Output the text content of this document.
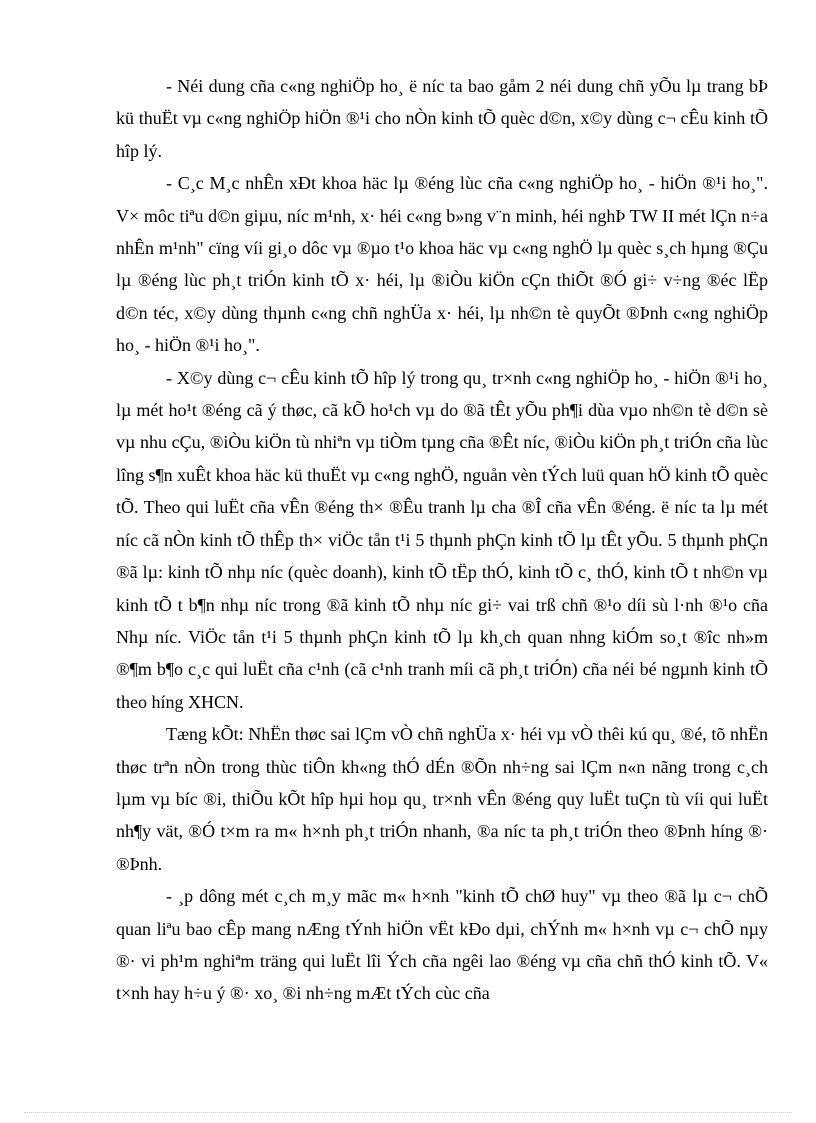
- Néi dung cña c«ng nghiÖp ho¸ ë níc ta bao gåm 2 néi dung chñ yÕu lµ trang bÞ kü thuËt vµ c«ng nghiÖp hiÖn ®¹i cho nÒn kinh tÕ quèc d©n, x©y dùng c¬ cÊu kinh tÕ hîp lý.

- C¸c M¸c nhÊn xÐt khoa häc lµ ®éng lùc cña c«ng nghiÖp ho¸ - hiÖn ®¹i ho¸". V× môc tiªu d©n giµu, níc m¹nh, x· héi c«ng b»ng v¨n minh, héi nghÞ TW II mét lÇn n÷a nhÊn m¹nh" cïng víi gi¸o dôc vµ ®µo t¹o khoa häc vµ c«ng nghÖ lµ quèc s¸ch hµng ®Çu lµ ®éng lùc ph¸t triÓn kinh tÕ x· héi, lµ ®iÒu kiÖn cÇn thiÕt ®Ó gi÷ v÷ng ®éc lËp d©n téc, x©y dùng thµnh c«ng chñ nghÜa x· héi, lµ nh©n tè quyÕt ®Þnh c«ng nghiÖp ho¸ - hiÖn ®¹i ho¸".

- X©y dùng c¬ cÊu kinh tÕ hîp lý trong qu¸ tr×nh c«ng nghiÖp ho¸ - hiÖn ®¹i ho¸ lµ mét ho¹t ®éng cã ý thøc, cã kÕ ho¹ch vµ do ®ã tÊt yÕu ph¶i dùa vµo nh©n tè d©n sè vµ nhu cÇu, ®iÒu kiÖn tù nhiªn vµ tiÒm tµng cña ®Êt níc, ®iÒu kiÖn ph¸t triÓn cña lùc lîng s¶n xuÊt khoa häc kü thuËt vµ c«ng nghÖ, nguån vèn tÝch luü quan hÖ kinh tÕ quèc tÕ. Theo qui luËt cña vÊn ®éng th× ®Êu tranh lµ cha ®Î cña vÊn ®éng. ë níc ta lµ mét níc cã nÒn kinh tÕ thÊp th× viÖc tån t¹i 5 thµnh phÇn kinh tÕ lµ tÊt yÕu. 5 thµnh phÇn ®ã lµ: kinh tÕ nhµ níc (quèc doanh), kinh tÕ tËp thÓ, kinh tÕ c¸ thÓ, kinh tÕ t nh©n vµ kinh tÕ t b¶n nhµ níc trong ®ã kinh tÕ nhµ níc gi÷ vai trß chñ ®¹o díi sù l·nh ®¹o cña Nhµ níc. ViÖc tån t¹i 5 thµnh phÇn kinh tÕ lµ kh¸ch quan nhng kiÓm so¸t ®îc nh»m ®¶m b¶o c¸c qui luËt cña c¹nh (cã c¹nh tranh míi cã ph¸t triÓn) cña néi bé ngµnh kinh tÕ theo híng XHCN.

Tæng kÕt: NhËn thøc sai lÇm vÒ chñ nghÜa x· héi vµ vÒ thêi kú qu¸ ®é, tõ nhËn thøc trªn nÒn trong thùc tiÔn kh«ng thÓ dÉn ®Õn nh÷ng sai lÇm n«n nãng trong c¸ch lµm vµ bíc ®i, thiÕu kÕt hîp hµi hoµ qu¸ tr×nh vÊn ®éng quy luËt tuÇn tù víi qui luËt nh¶y vät, ®Ó t×m ra m« h×nh ph¸t triÓn nhanh, ®a níc ta ph¸t triÓn theo ®Þnh híng ®· ®Þnh.

- ¸p dông mét c¸ch m¸y mãc m« h×nh "kinh tÕ chØ huy" vµ theo ®ã lµ c¬ chÕ quan liªu bao cÊp mang nÆng tÝnh hiÖn vËt kÐo dµi, chÝnh m« h×nh vµ c¬ chÕ nµy ®· vi ph¹m nghiªm träng qui luËt lîi Ých cña ngêi lao ®éng vµ cña chñ thÓ kinh tÕ. V« t×nh hay h÷u ý ®· xo¸ ®i nh÷ng mÆt tÝch cùc cña
